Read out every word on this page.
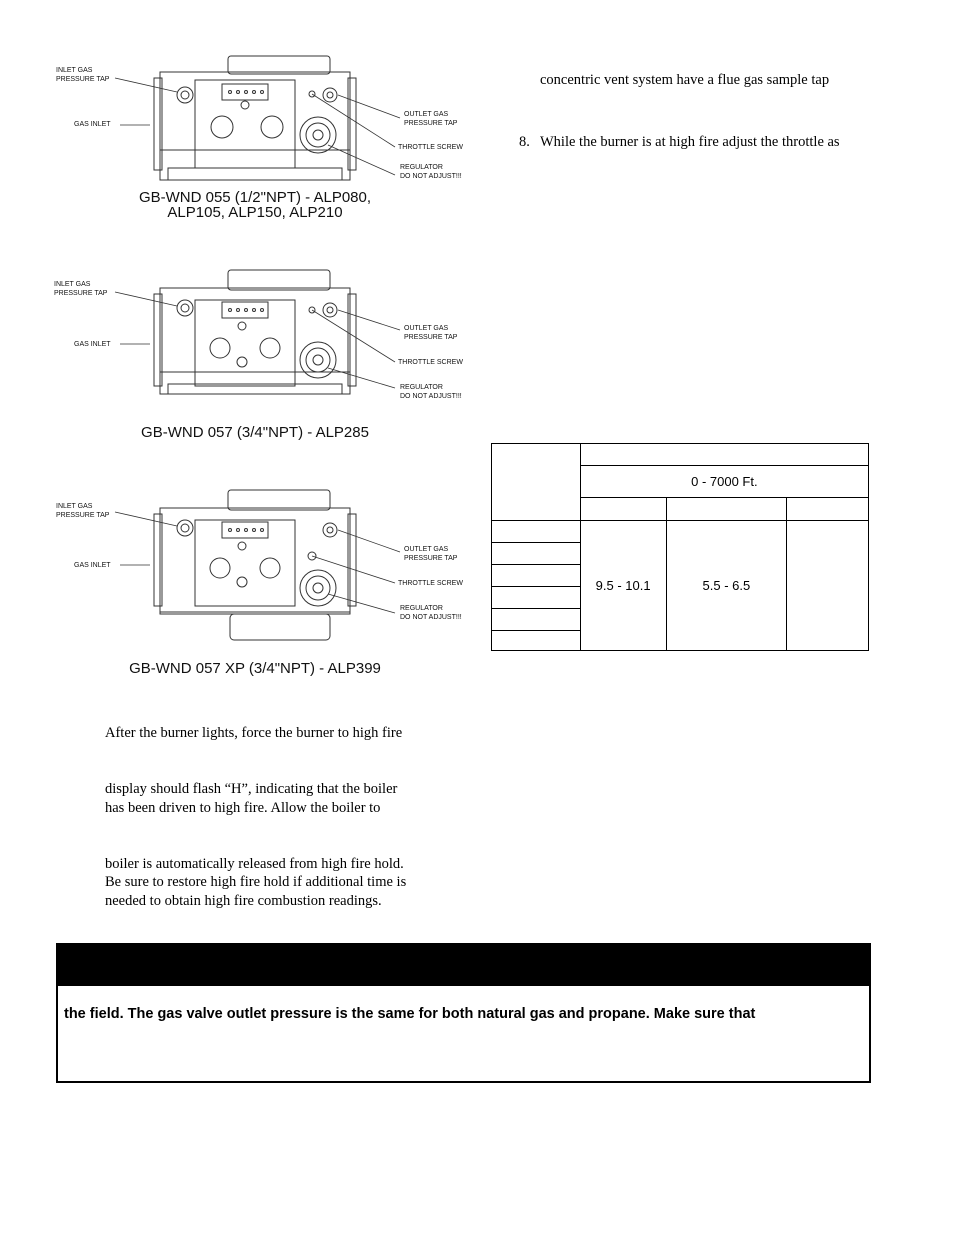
INLET GAS
PRESSURE TAP
GAS INLET
OUTLET GAS
PRESSURE TAP
THROTTLE SCREW
REGULATOR
DO NOT ADJUST!!!
GB-WND 055 (1/2"NPT) - ALP080,
ALP105, ALP150, ALP210
INLET GAS
PRESSURE TAP
GAS INLET
OUTLET GAS
PRESSURE TAP
THROTTLE SCREW
REGULATOR
DO NOT ADJUST!!!
GB-WND 057 (3/4"NPT) - ALP285
INLET GAS
PRESSURE TAP
GAS INLET
OUTLET GAS
PRESSURE TAP
THROTTLE SCREW
REGULATOR
DO NOT ADJUST!!!
GB-WND 057 XP (3/4"NPT) - ALP399
concentric vent system have a flue gas sample tap
8. While the burner is at high fire adjust the throttle as

	0 - 7000 Ft.		

	9.5 - 10.1	5.5 - 6.5	

After the burner lights, force the burner to high fire
display should flash “H”, indicating that the boiler
has been driven to high fire. Allow the boiler to
boiler is automatically released from high fire hold.
Be sure to restore high fire hold if additional time is
needed to obtain high fire combustion readings.
the field. The gas valve outlet pressure is the same for both natural gas and propane. Make sure that
